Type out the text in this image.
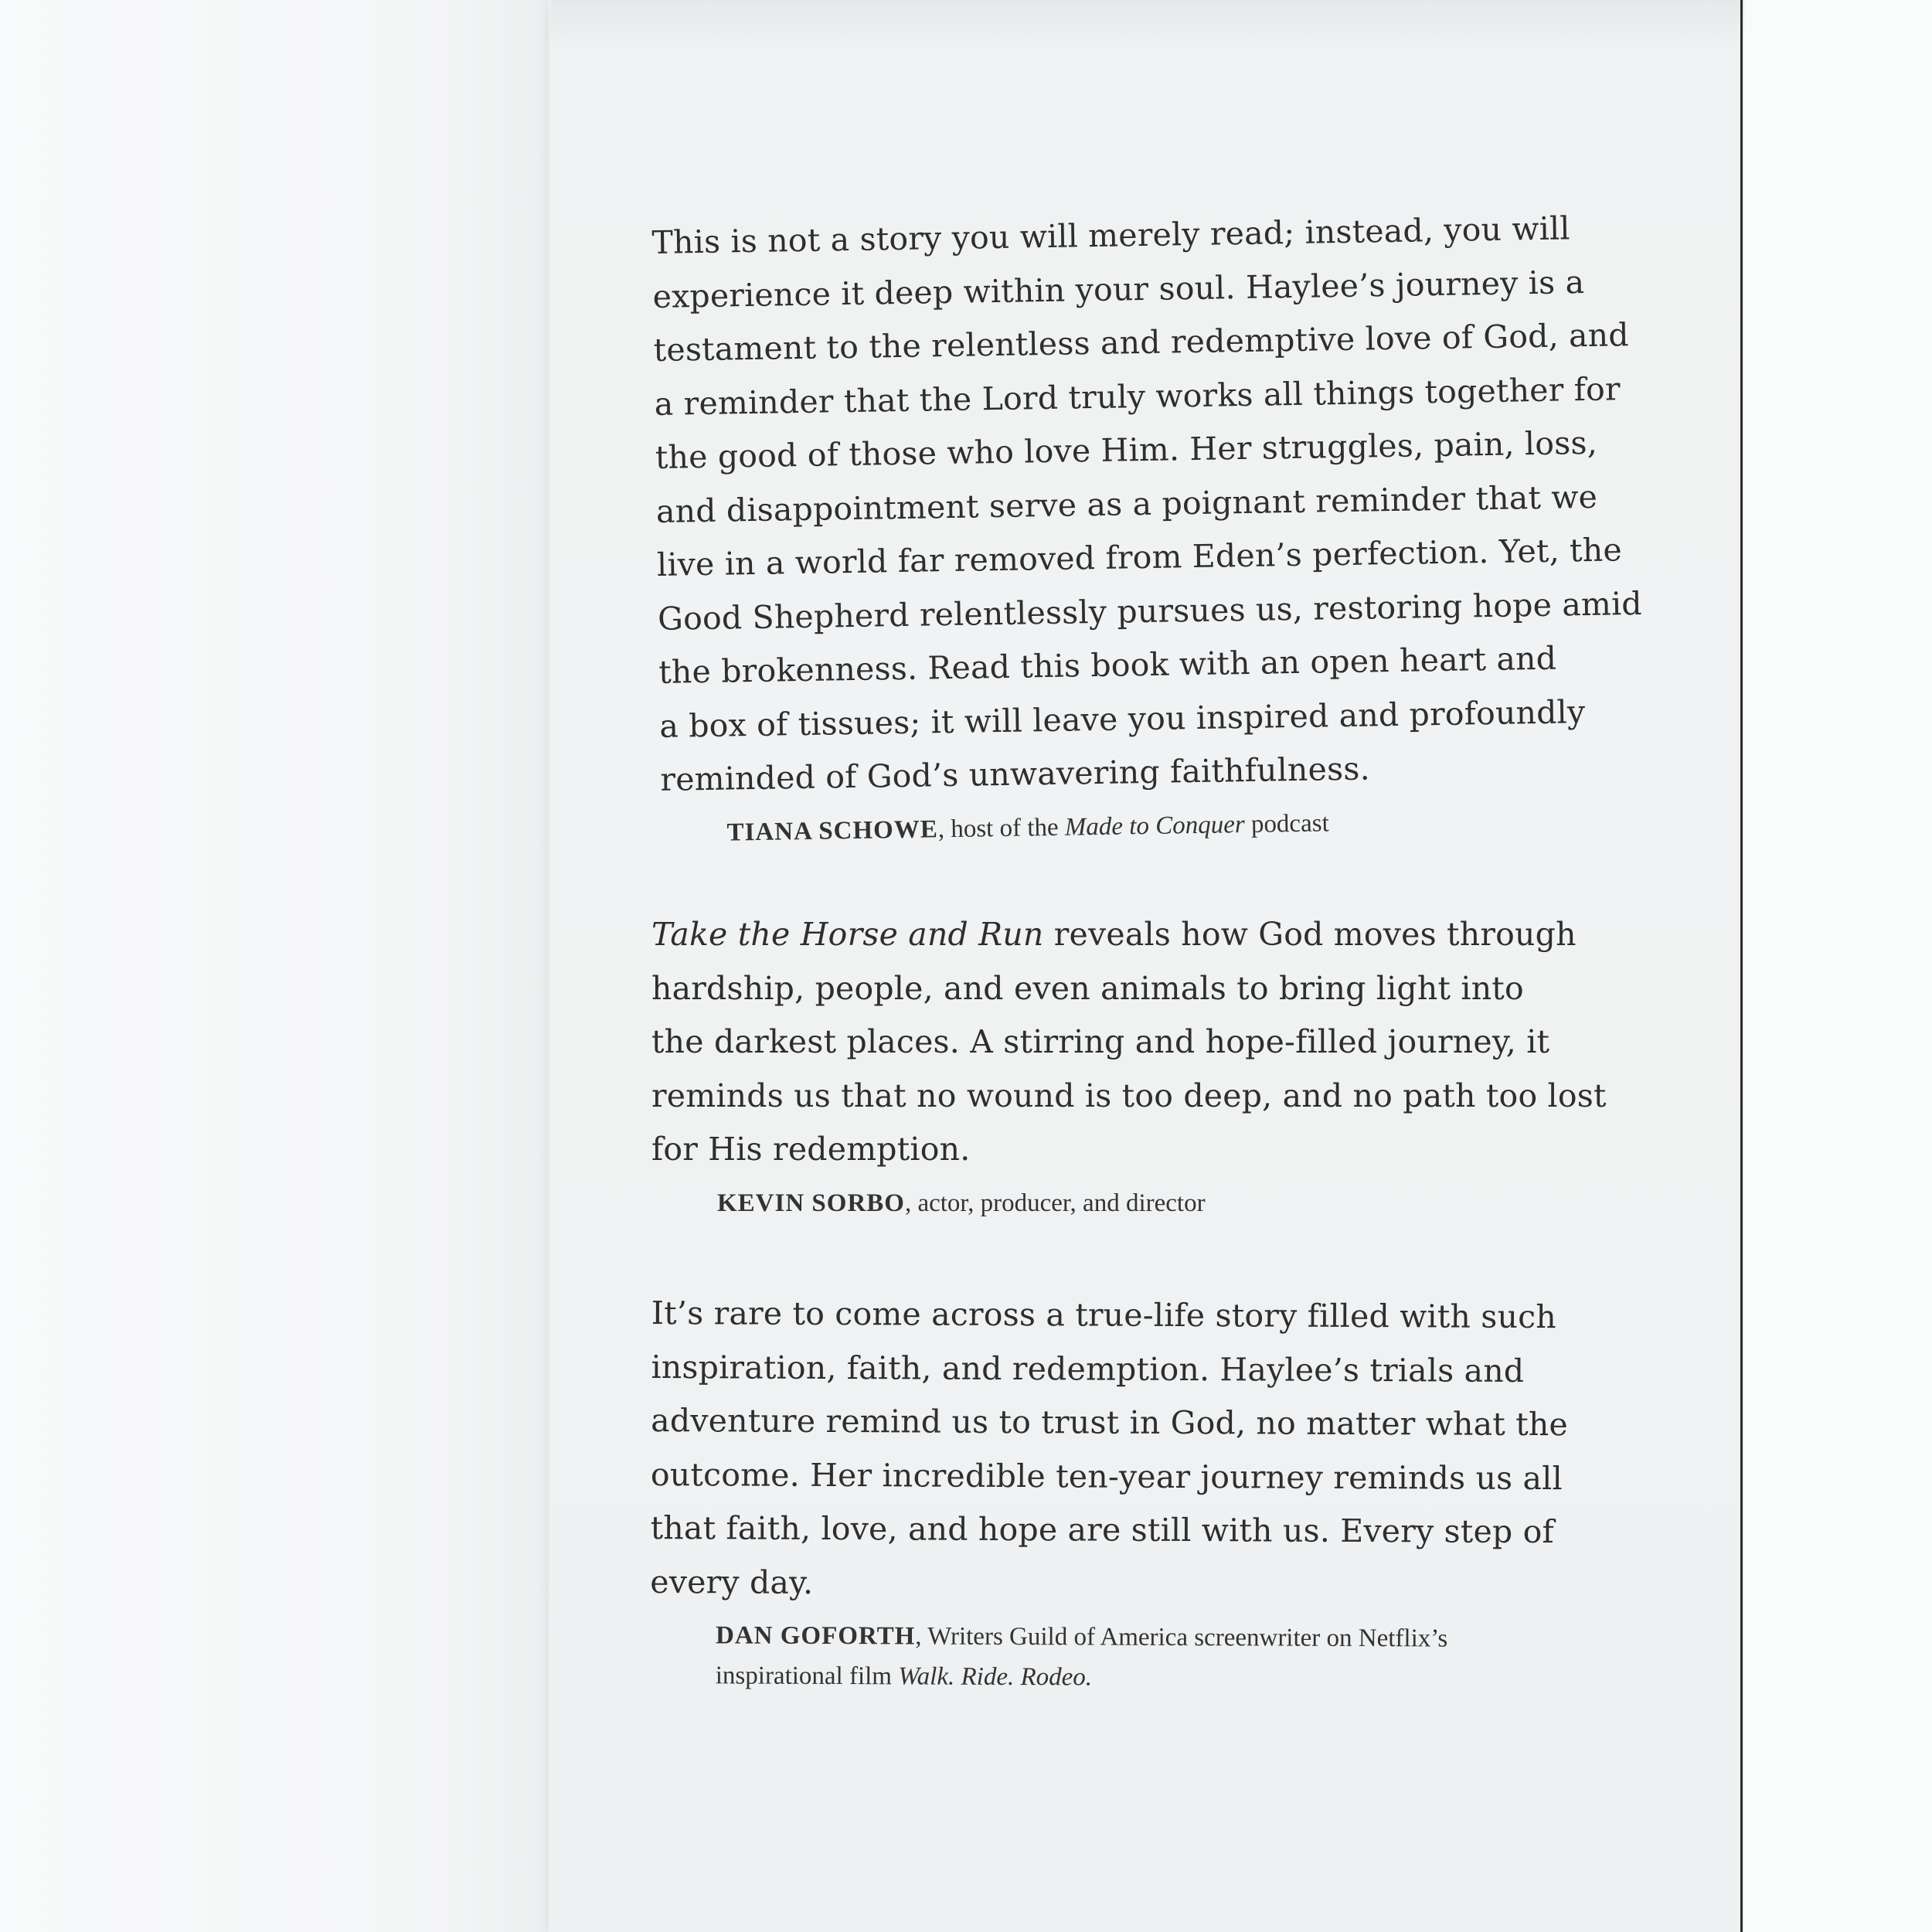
This is not a story you will merely read; instead, you will
experience it deep within your soul. Haylee’s journey is a
testament to the relentless and redemptive love of God, and
a reminder that the Lord truly works all things together for
the good of those who love Him. Her struggles, pain, loss,
and disappointment serve as a poignant reminder that we
live in a world far removed from Eden’s perfection. Yet, the
Good Shepherd relentlessly pursues us, restoring hope amid
the brokenness. Read this book with an open heart and
a box of tissues; it will leave you inspired and profoundly
reminded of God’s unwavering faithfulness.

TIANA SCHOWE, host of the Made to Conquer podcast

Take the Horse and Run reveals how God moves through
hardship, people, and even animals to bring light into
the darkest places. A stirring and hope-filled journey, it
reminds us that no wound is too deep, and no path too lost
for His redemption.

KEVIN SORBO, actor, producer, and director

It’s rare to come across a true-life story filled with such
inspiration, faith, and redemption. Haylee’s trials and
adventure remind us to trust in God, no matter what the
outcome. Her incredible ten-year journey reminds us all
that faith, love, and hope are still with us. Every step of
every day.

DAN GOFORTH, Writers Guild of America screenwriter on Netflix’s
inspirational film Walk. Ride. Rodeo.
